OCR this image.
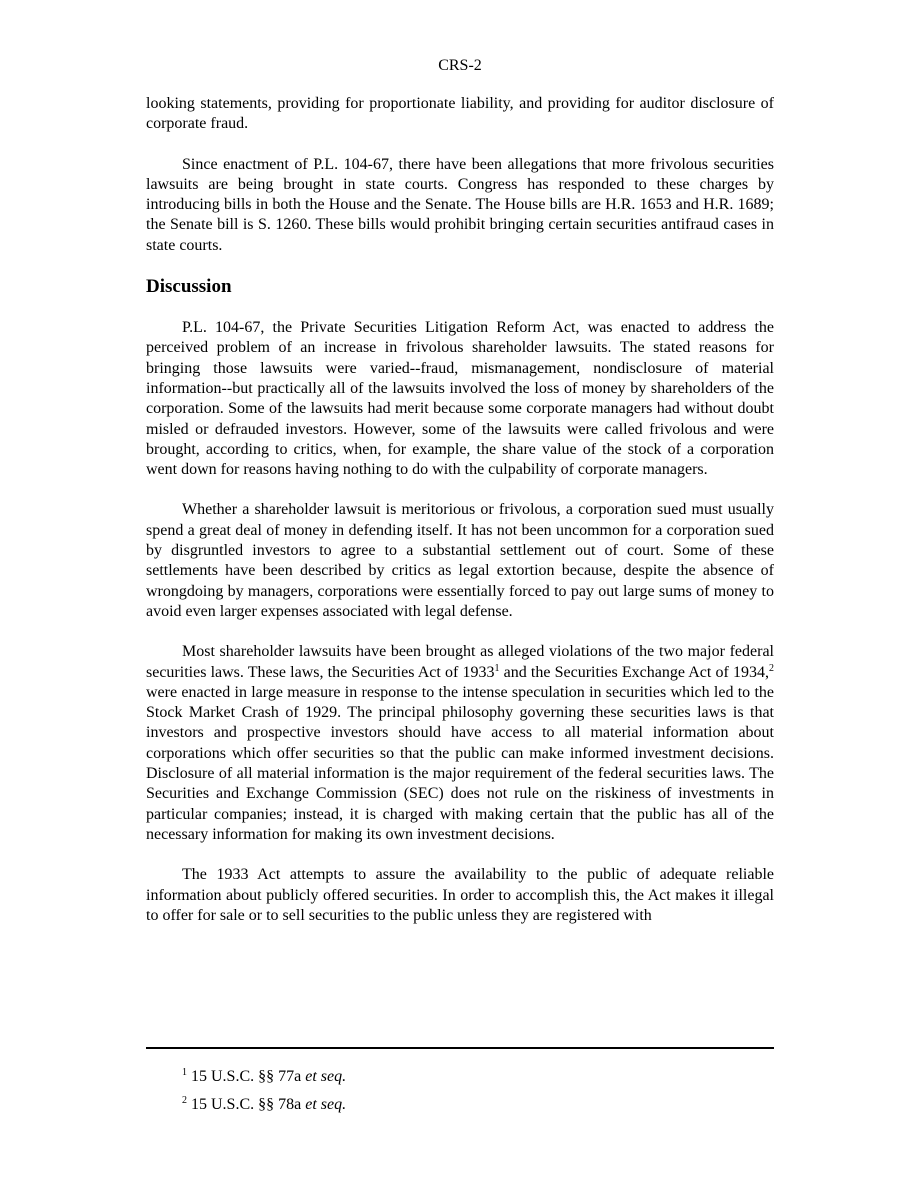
CRS-2

looking statements, providing for proportionate liability, and providing for auditor disclosure of corporate fraud.

Since enactment of P.L. 104-67, there have been allegations that more frivolous securities lawsuits are being brought in state courts. Congress has responded to these charges by introducing bills in both the House and the Senate. The House bills are H.R. 1653 and H.R. 1689; the Senate bill is S. 1260. These bills would prohibit bringing certain securities antifraud cases in state courts.

Discussion

P.L. 104-67, the Private Securities Litigation Reform Act, was enacted to address the perceived problem of an increase in frivolous shareholder lawsuits. The stated reasons for bringing those lawsuits were varied--fraud, mismanagement, nondisclosure of material information--but practically all of the lawsuits involved the loss of money by shareholders of the corporation. Some of the lawsuits had merit because some corporate managers had without doubt misled or defrauded investors. However, some of the lawsuits were called frivolous and were brought, according to critics, when, for example, the share value of the stock of a corporation went down for reasons having nothing to do with the culpability of corporate managers.

Whether a shareholder lawsuit is meritorious or frivolous, a corporation sued must usually spend a great deal of money in defending itself. It has not been uncommon for a corporation sued by disgruntled investors to agree to a substantial settlement out of court. Some of these settlements have been described by critics as legal extortion because, despite the absence of wrongdoing by managers, corporations were essentially forced to pay out large sums of money to avoid even larger expenses associated with legal defense.

Most shareholder lawsuits have been brought as alleged violations of the two major federal securities laws. These laws, the Securities Act of 1933$^1$ and the Securities Exchange Act of 1934,$^2$ were enacted in large measure in response to the intense speculation in securities which led to the Stock Market Crash of 1929. The principal philosophy governing these securities laws is that investors and prospective investors should have access to all material information about corporations which offer securities so that the public can make informed investment decisions. Disclosure of all material information is the major requirement of the federal securities laws. The Securities and Exchange Commission (SEC) does not rule on the riskiness of investments in particular companies; instead, it is charged with making certain that the public has all of the necessary information for making its own investment decisions.

The 1933 Act attempts to assure the availability to the public of adequate reliable information about publicly offered securities. In order to accomplish this, the Act makes it illegal to offer for sale or to sell securities to the public unless they are registered with

$^1$ 15 U.S.C. §§ 77a et seq.
$^2$ 15 U.S.C. §§ 78a et seq.
